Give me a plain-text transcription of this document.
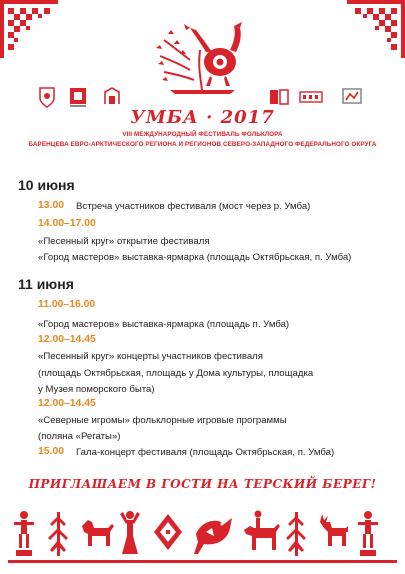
УМБА · 2017
VIII МЕЖДУНАРОДНЫЙ ФЕСТИВАЛЬ ФОЛЬКЛОРА
БАРЕНЦЕВА ЕВРО-АРКТИЧЕСКОГО РЕГИОНА И РЕГИОНОВ СЕВЕРО-ЗАПАДНОГО ФЕДЕРАЛЬНОГО ОКРУГА
10 июня
13.00 Встреча участников фестиваля (мост через р. Умба)
14.00–17.00
«Песенный круг» открытие фестиваля
«Город мастеров» выставка-ярмарка (площадь Октябрьская, п. Умба)
11 июня
11.00–16.00
«Город мастеров» выставка-ярмарка (площадь п. Умба)
12.00–14.45
«Песенный круг» концерты участников фестиваля
(площадь Октябрьская, площадь у Дома культуры, площадка
у Музея поморского быта)
12.00–14.45
«Северные игромы» фольклорные игровые программы
(поляна «Регаты»)
15.00 Гала-концерт фестиваля (площадь Октябрьская, п. Умба)
ПРИГЛАШАЕМ В ГОСТИ НА ТЕРСКИЙ БЕРЕГ!
